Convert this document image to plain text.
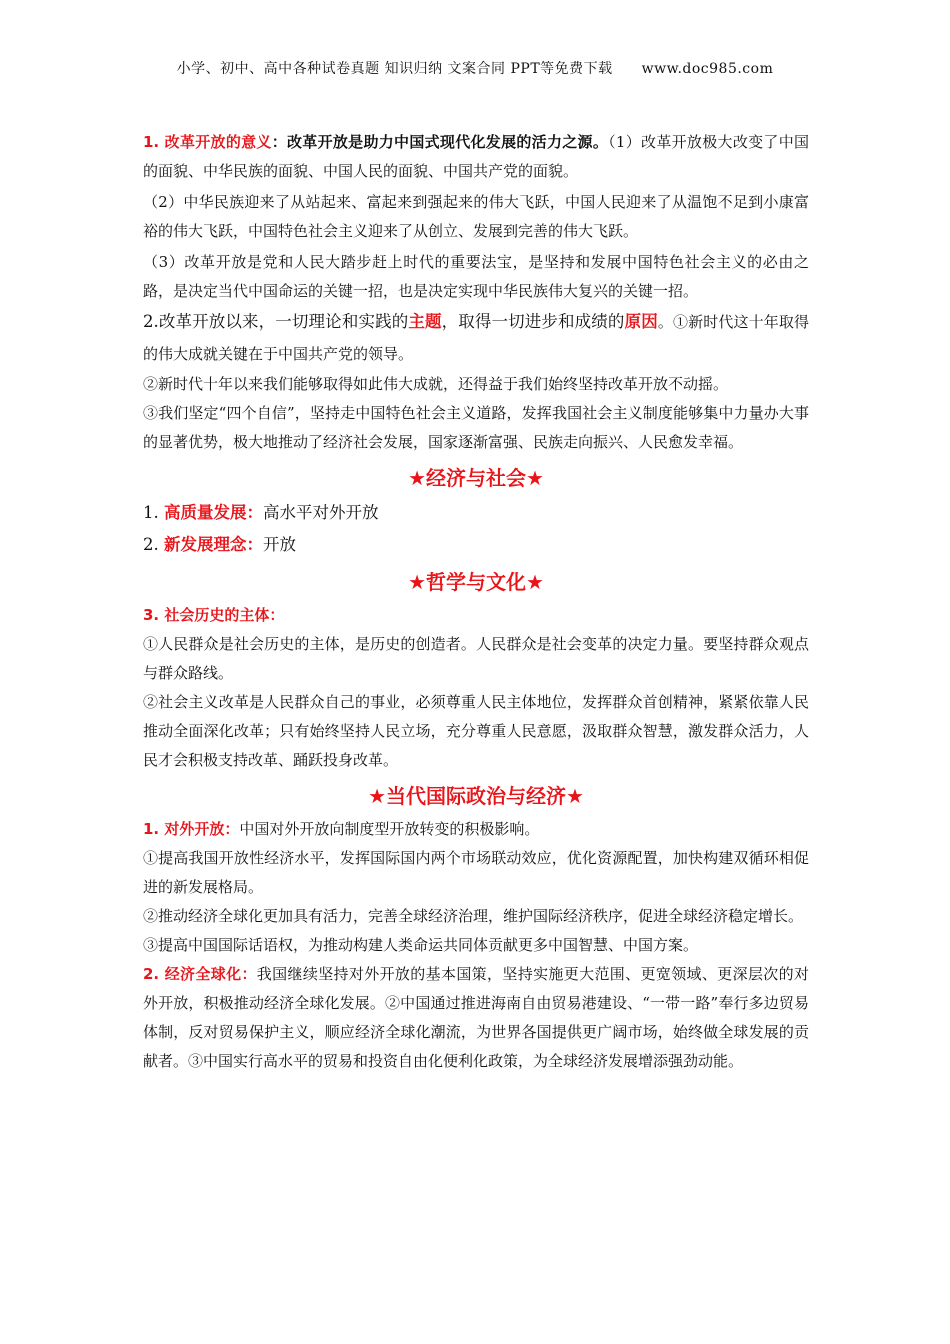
小学、初中、高中各种试卷真题 知识归纳 文案合同 PPT等免费下载　　www.doc985.com

1. 改革开放的意义：改革开放是助力中国式现代化发展的活力之源。（1）改革开放极大改变了中国的面貌、中华民族的面貌、中国人民的面貌、中国共产党的面貌。

（2）中华民族迎来了从站起来、富起来到强起来的伟大飞跃，中国人民迎来了从温饱不足到小康富裕的伟大飞跃，中国特色社会主义迎来了从创立、发展到完善的伟大飞跃。

（3）改革开放是党和人民大踏步赶上时代的重要法宝，是坚持和发展中国特色社会主义的必由之路，是决定当代中国命运的关键一招，也是决定实现中华民族伟大复兴的关键一招。

2.改革开放以来，一切理论和实践的主题，取得一切进步和成绩的原因。①新时代这十年取得的伟大成就关键在于中国共产党的领导。

②新时代十年以来我们能够取得如此伟大成就，还得益于我们始终坚持改革开放不动摇。

③我们坚定“四个自信”，坚持走中国特色社会主义道路，发挥我国社会主义制度能够集中力量办大事的显著优势，极大地推动了经济社会发展，国家逐渐富强、民族走向振兴、人民愈发幸福。

★经济与社会★

1. 高质量发展：高水平对外开放

2. 新发展理念：开放

★哲学与文化★

3. 社会历史的主体：

①人民群众是社会历史的主体，是历史的创造者。人民群众是社会变革的决定力量。要坚持群众观点与群众路线。

②社会主义改革是人民群众自己的事业，必须尊重人民主体地位，发挥群众首创精神，紧紧依靠人民推动全面深化改革；只有始终坚持人民立场，充分尊重人民意愿，汲取群众智慧，激发群众活力，人民才会积极支持改革、踊跃投身改革。

★当代国际政治与经济★

1. 对外开放：中国对外开放向制度型开放转变的积极影响。

①提高我国开放性经济水平，发挥国际国内两个市场联动效应，优化资源配置，加快构建双循环相促进的新发展格局。

②推动经济全球化更加具有活力，完善全球经济治理，维护国际经济秩序，促进全球经济稳定增长。

③提高中国国际话语权，为推动构建人类命运共同体贡献更多中国智慧、中国方案。

2. 经济全球化：我国继续坚持对外开放的基本国策，坚持实施更大范围、更宽领域、更深层次的对外开放，积极推动经济全球化发展。②中国通过推进海南自由贸易港建设、“一带一路”奉行多边贸易体制，反对贸易保护主义，顺应经济全球化潮流，为世界各国提供更广阔市场，始终做全球发展的贡献者。③中国实行高水平的贸易和投资自由化便利化政策，为全球经济发展增添强劲动能。
